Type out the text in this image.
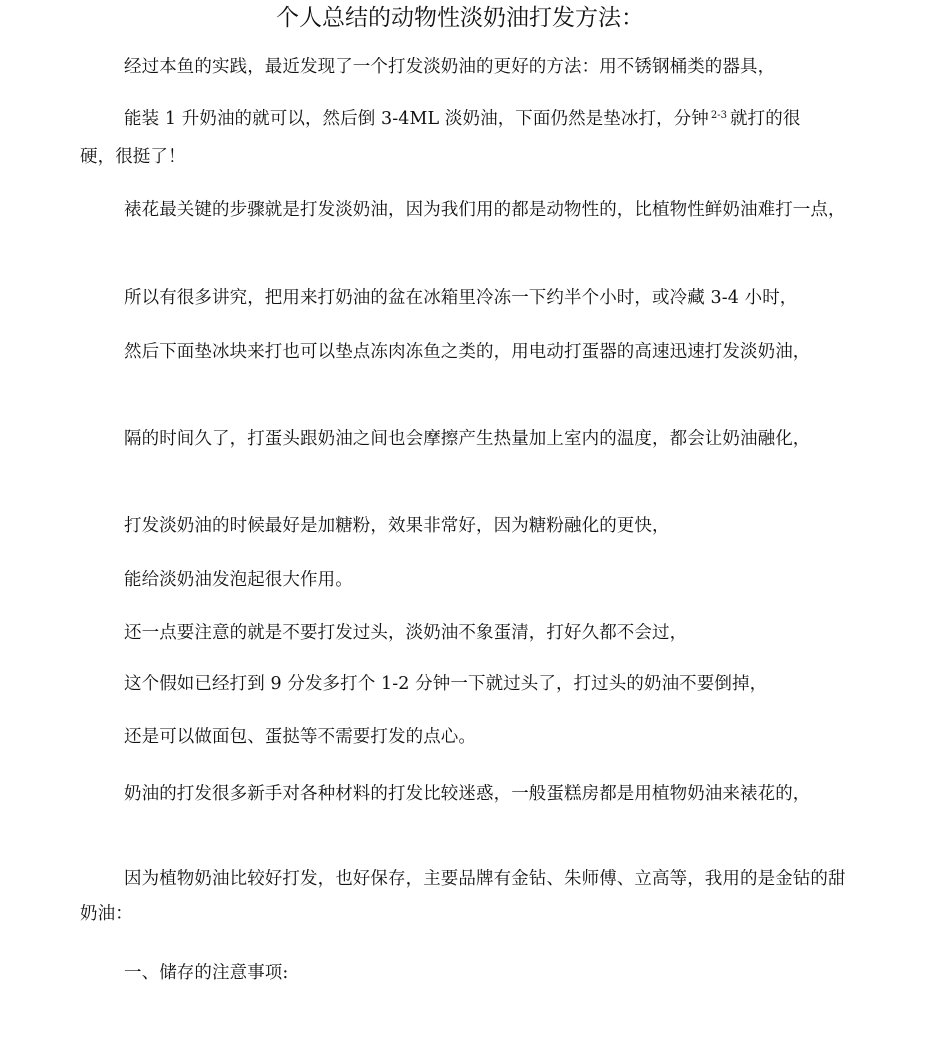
个人总结的动物性淡奶油打发方法：

经过本鱼的实践，最近发现了一个打发淡奶油的更好的方法：用不锈钢桶类的器具，

能装 1 升奶油的就可以，然后倒 3-4ML 淡奶油，下面仍然是垫冰打，分钟 $^{2-3}$ 就打的很

硬，很挺了！

裱花最关键的步骤就是打发淡奶油，因为我们用的都是动物性的，比植物性鲜奶油难打一点，

所以有很多讲究，把用来打奶油的盆在冰箱里冷冻一下约半个小时，或冷藏 3-4 小时，

然后下面垫冰块来打也可以垫点冻肉冻鱼之类的，用电动打蛋器的高速迅速打发淡奶油，

隔的时间久了，打蛋头跟奶油之间也会摩擦产生热量加上室内的温度，都会让奶油融化，

打发淡奶油的时候最好是加糖粉，效果非常好，因为糖粉融化的更快，

能给淡奶油发泡起很大作用。

还一点要注意的就是不要打发过头，淡奶油不象蛋清，打好久都不会过，

这个假如已经打到 9 分发多打个 1-2 分钟一下就过头了，打过头的奶油不要倒掉，

还是可以做面包、蛋挞等不需要打发的点心。

奶油的打发很多新手对各种材料的打发比较迷惑，一般蛋糕房都是用植物奶油来裱花的，

因为植物奶油比较好打发，也好保存，主要品牌有金钻、朱师傅、立高等，我用的是金钻的甜奶油：

一、储存的注意事项:
